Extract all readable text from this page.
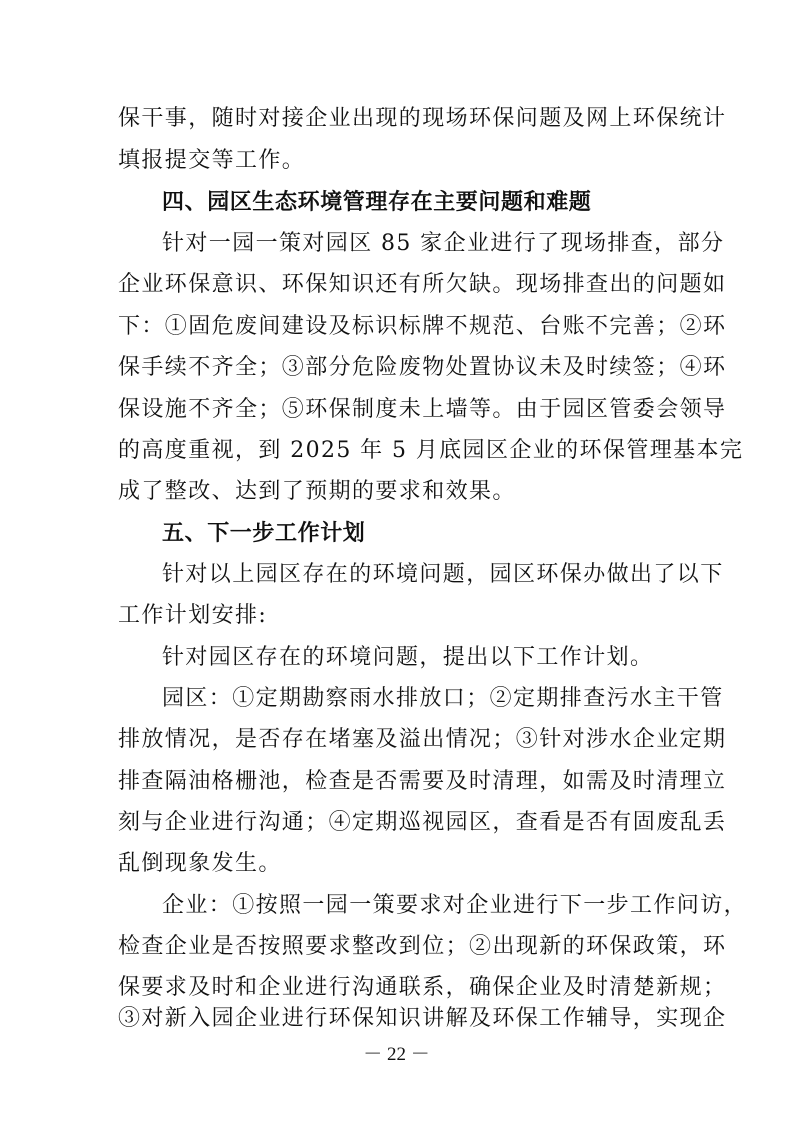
保干事，随时对接企业出现的现场环保问题及网上环保统计
填报提交等工作。
四、园区生态环境管理存在主要问题和难题
针对一园一策对园区 85 家企业进行了现场排查，部分
企业环保意识、环保知识还有所欠缺。现场排查出的问题如
下：①固危废间建设及标识标牌不规范、台账不完善；②环
保手续不齐全；③部分危险废物处置协议未及时续签；④环
保设施不齐全；⑤环保制度未上墙等。由于园区管委会领导
的高度重视，到 2025 年 5 月底园区企业的环保管理基本完
成了整改、达到了预期的要求和效果。
五、下一步工作计划
针对以上园区存在的环境问题，园区环保办做出了以下
工作计划安排:
针对园区存在的环境问题，提出以下工作计划。
园区：①定期勘察雨水排放口；②定期排查污水主干管
排放情况，是否存在堵塞及溢出情况；③针对涉水企业定期
排查隔油格栅池，检查是否需要及时清理，如需及时清理立
刻与企业进行沟通；④定期巡视园区，查看是否有固废乱丢
乱倒现象发生。
企业：①按照一园一策要求对企业进行下一步工作问访，
检查企业是否按照要求整改到位；②出现新的环保政策，环
保要求及时和企业进行沟通联系，确保企业及时清楚新规；
③对新入园企业进行环保知识讲解及环保工作辅导，实现企
－ 22 －
